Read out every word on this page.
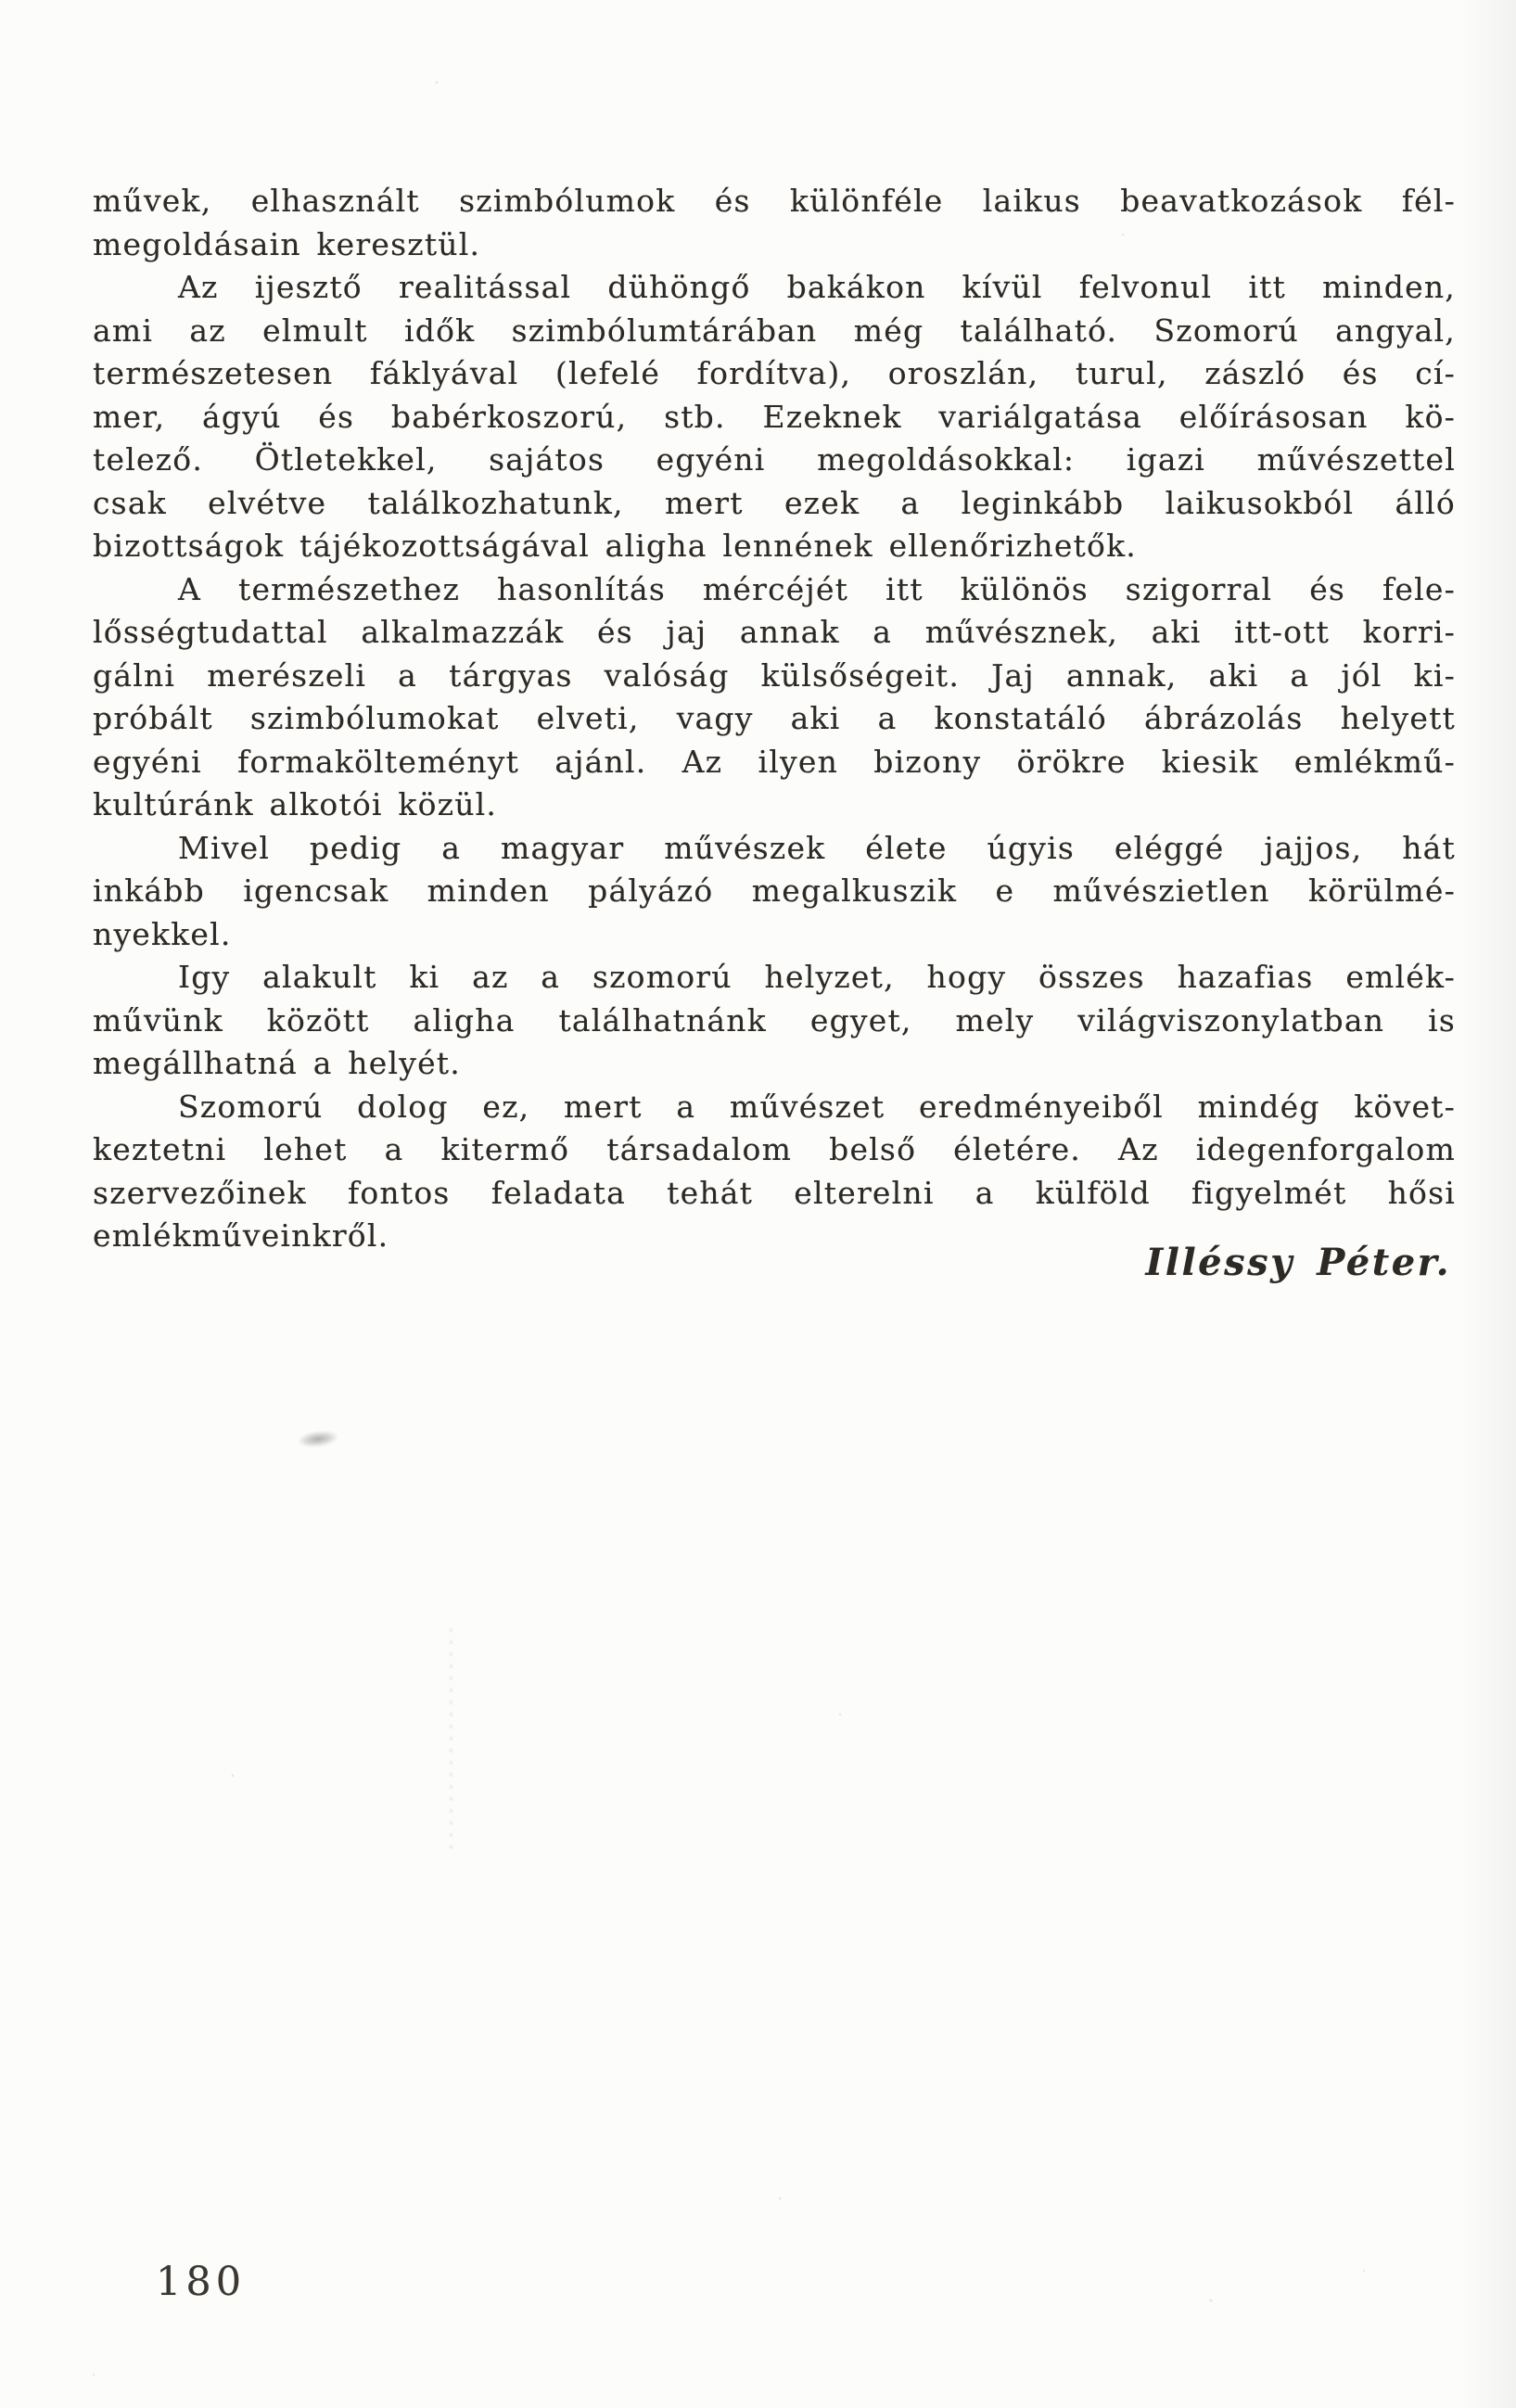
művek, elhasznált szimbólumok és különféle laikus beavatkozások fél-
megoldásain keresztül.
Az ijesztő realitással dühöngő bakákon kívül felvonul itt minden,
ami az elmult idők szimbólumtárában még található. Szomorú angyal,
természetesen fáklyával (lefelé fordítva), oroszlán, turul, zászló és cí-
mer, ágyú és babérkoszorú, stb. Ezeknek variálgatása előírásosan kö-
telező. Ötletekkel, sajátos egyéni megoldásokkal: igazi művészettel
csak elvétve találkozhatunk, mert ezek a leginkább laikusokból álló
bizottságok tájékozottságával aligha lennének ellenőrizhetők.
A természethez hasonlítás mércéjét itt különös szigorral és fele-
lősségtudattal alkalmazzák és jaj annak a művésznek, aki itt-ott korri-
gálni merészeli a tárgyas valóság külsőségeit. Jaj annak, aki a jól ki-
próbált szimbólumokat elveti, vagy aki a konstatáló ábrázolás helyett
egyéni formakölteményt ajánl. Az ilyen bizony örökre kiesik emlékmű-
kultúránk alkotói közül.
Mivel pedig a magyar művészek élete úgyis eléggé jajjos, hát
inkább igencsak minden pályázó megalkuszik e művészietlen körülmé-
nyekkel.
Igy alakult ki az a szomorú helyzet, hogy összes hazafias emlék-
művünk között aligha találhatnánk egyet, mely világviszonylatban is
megállhatná a helyét.
Szomorú dolog ez, mert a művészet eredményeiből mindég követ-
keztetni lehet a kitermő társadalom belső életére. Az idegenforgalom
szervezőinek fontos feladata tehát elterelni a külföld figyelmét hősi
emlékműveinkről.
Illéssy Péter.
180
